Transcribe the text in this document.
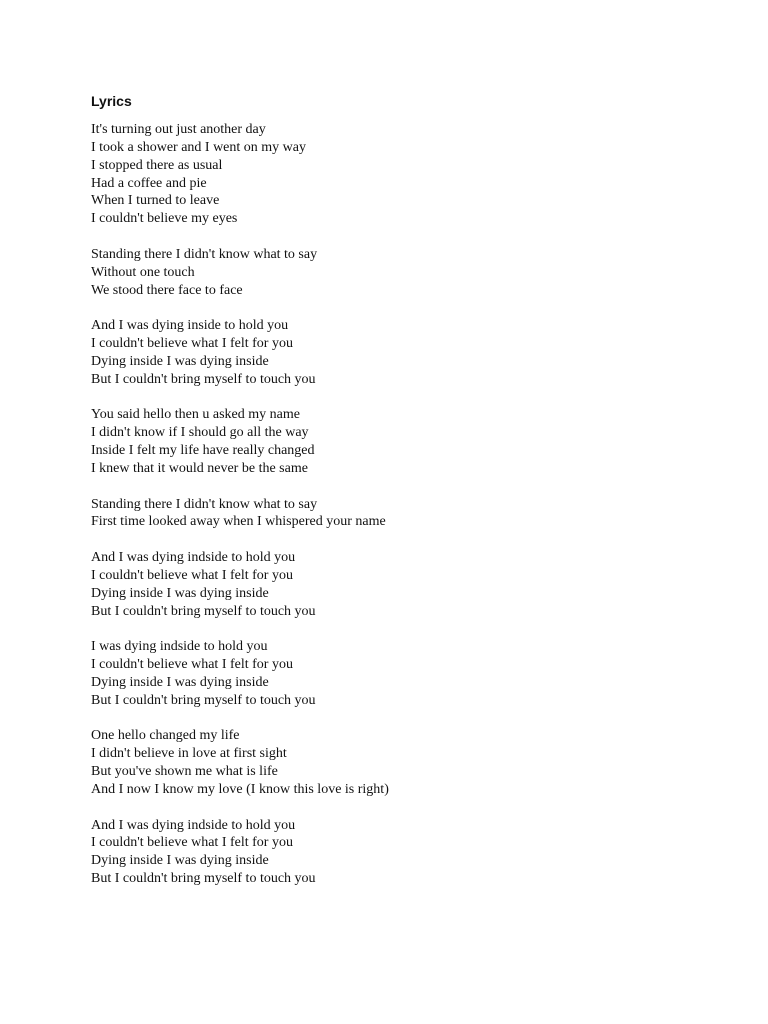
Lyrics

It's turning out just another day
I took a shower and I went on my way
I stopped there as usual
Had a coffee and pie
When I turned to leave
I couldn't believe my eyes

Standing there I didn't know what to say
Without one touch
We stood there face to face

And I was dying inside to hold you
I couldn't believe what I felt for you
Dying inside I was dying inside
But I couldn't bring myself to touch you

You said hello then u asked my name
I didn't know if I should go all the way
Inside I felt my life have really changed
I knew that it would never be the same

Standing there I didn't know what to say
First time looked away when I whispered your name

And I was dying indside to hold you
I couldn't believe what I felt for you
Dying inside I was dying inside
But I couldn't bring myself to touch you

I was dying indside to hold you
I couldn't believe what I felt for you
Dying inside I was dying inside
But I couldn't bring myself to touch you

One hello changed my life
I didn't believe in love at first sight
But you've shown me what is life
And I now I know my love (I know this love is right)

And I was dying indside to hold you
I couldn't believe what I felt for you
Dying inside I was dying inside
But I couldn't bring myself to touch you
